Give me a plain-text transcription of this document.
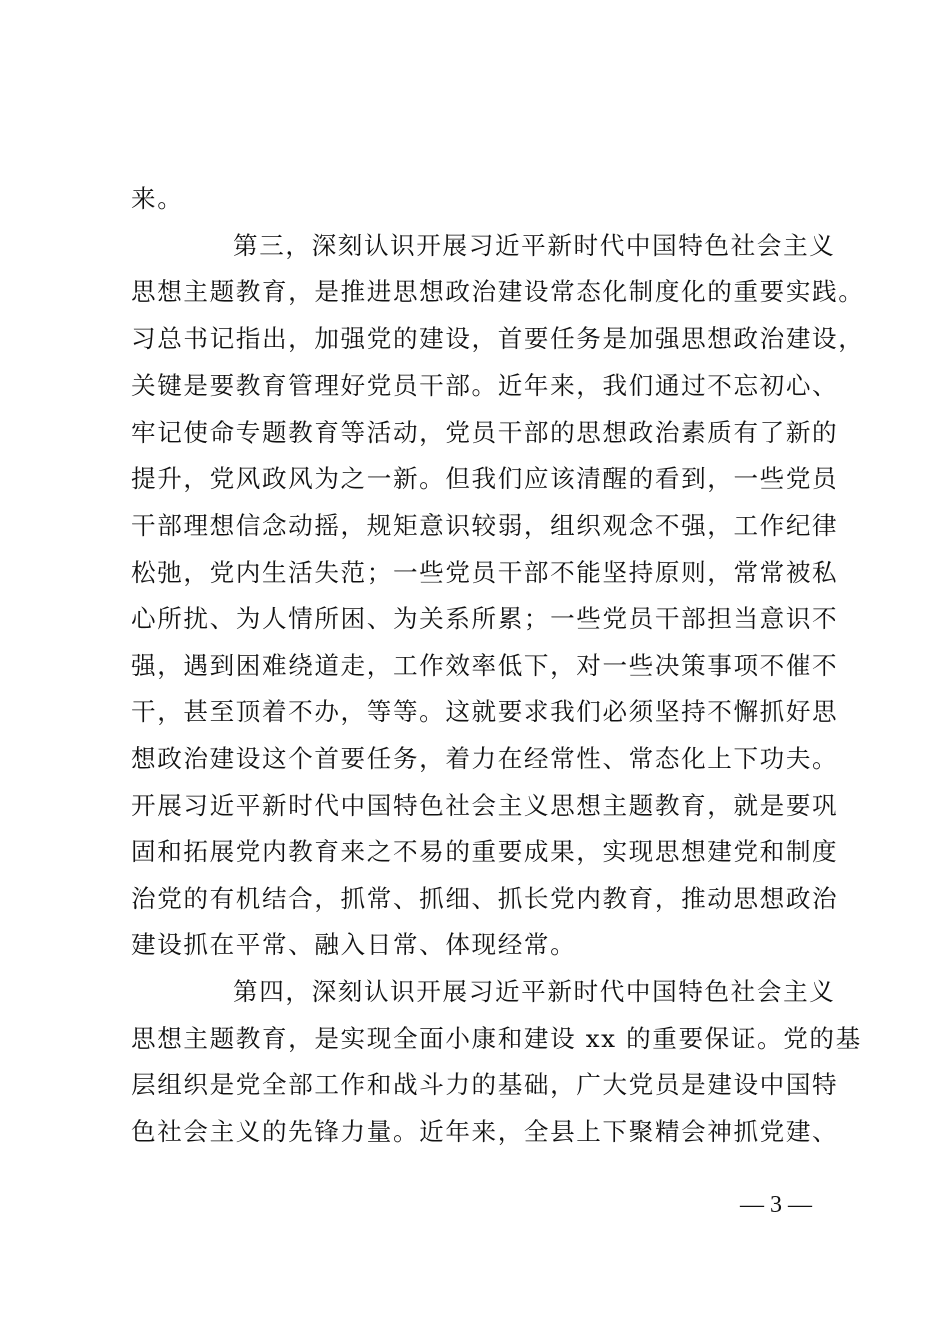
来。
第三，深刻认识开展习近平新时代中国特色社会主义
思想主题教育，是推进思想政治建设常态化制度化的重要实践。
习总书记指出，加强党的建设，首要任务是加强思想政治建设，
关键是要教育管理好党员干部。近年来，我们通过不忘初心、
牢记使命专题教育等活动，党员干部的思想政治素质有了新的
提升，党风政风为之一新。但我们应该清醒的看到，一些党员
干部理想信念动摇，规矩意识较弱，组织观念不强，工作纪律
松弛，党内生活失范；一些党员干部不能坚持原则，常常被私
心所扰、为人情所困、为关系所累；一些党员干部担当意识不
强，遇到困难绕道走，工作效率低下，对一些决策事项不催不
干，甚至顶着不办，等等。这就要求我们必须坚持不懈抓好思
想政治建设这个首要任务，着力在经常性、常态化上下功夫。
开展习近平新时代中国特色社会主义思想主题教育，就是要巩
固和拓展党内教育来之不易的重要成果，实现思想建党和制度
治党的有机结合，抓常、抓细、抓长党内教育，推动思想政治
建设抓在平常、融入日常、体现经常。
第四，深刻认识开展习近平新时代中国特色社会主义
思想主题教育，是实现全面小康和建设 xx 的重要保证。党的基
层组织是党全部工作和战斗力的基础，广大党员是建设中国特
色社会主义的先锋力量。近年来，全县上下聚精会神抓党建、
— 3 —
